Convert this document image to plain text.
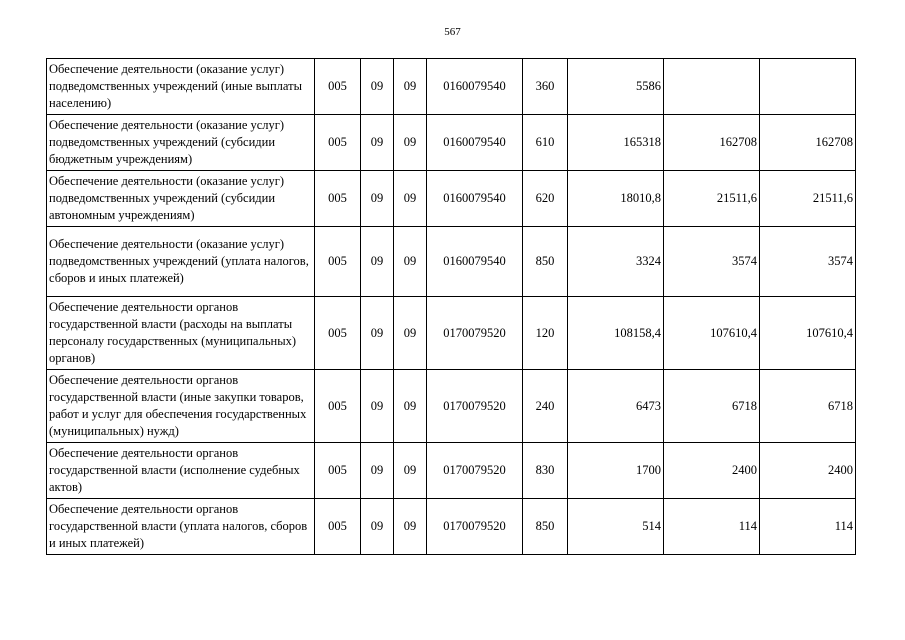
567
Обеспечение деятельности (оказание услуг) подведомственных учреждений (иные выплаты населению)	005	09	09	0160079540	360	5586		
Обеспечение деятельности (оказание услуг) подведомственных учреждений (субсидии бюджетным учреждениям)	005	09	09	0160079540	610	165318	162708	162708
Обеспечение деятельности (оказание услуг) подведомственных учреждений (субсидии автономным учреждениям)	005	09	09	0160079540	620	18010,8	21511,6	21511,6
Обеспечение деятельности (оказание услуг) подведомственных учреждений (уплата налогов, сборов и иных платежей)	005	09	09	0160079540	850	3324	3574	3574
Обеспечение деятельности органов государственной власти (расходы на выплаты персоналу государственных (муниципальных) органов)	005	09	09	0170079520	120	108158,4	107610,4	107610,4
Обеспечение деятельности органов государственной власти (иные закупки товаров, работ и услуг для обеспечения государственных (муниципальных) нужд)	005	09	09	0170079520	240	6473	6718	6718
Обеспечение деятельности органов государственной власти (исполнение судебных актов)	005	09	09	0170079520	830	1700	2400	2400
Обеспечение деятельности органов государственной власти (уплата налогов, сборов и иных платежей)	005	09	09	0170079520	850	514	114	114
